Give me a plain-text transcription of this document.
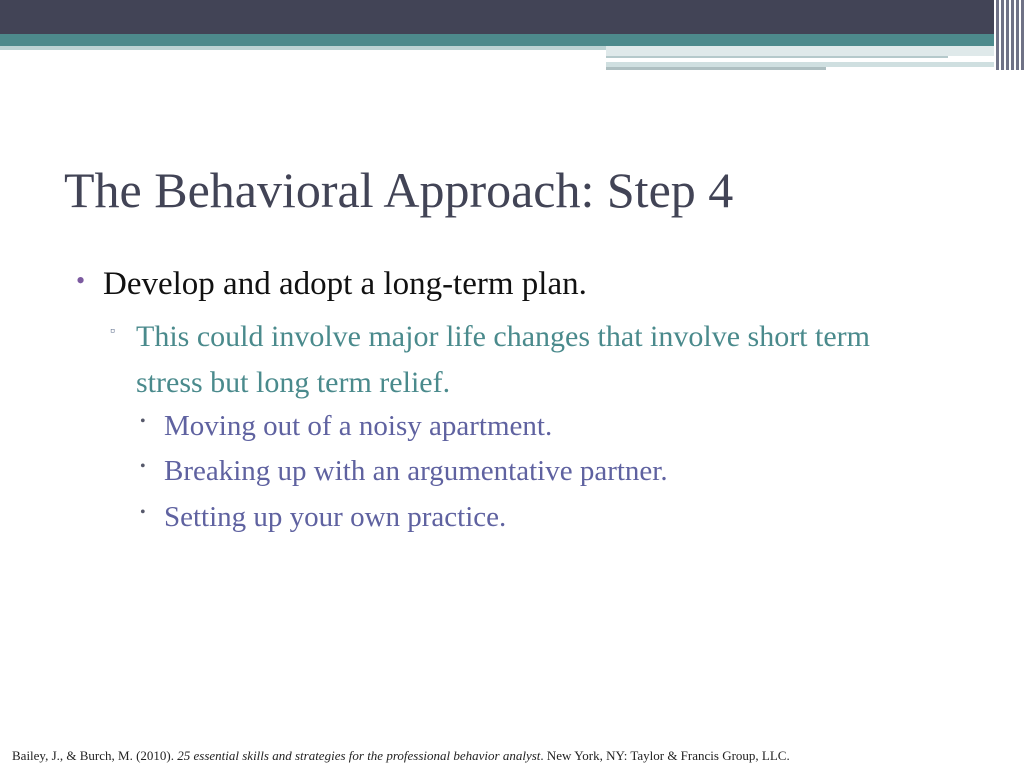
The Behavioral Approach: Step 4
• Develop and adopt a long-term plan.
▫ This could involve major life changes that involve short term stress but long term relief.
• Moving out of a noisy apartment.
• Breaking up with an argumentative partner.
• Setting up your own practice.
Bailey, J., & Burch, M. (2010). 25 essential skills and strategies for the professional behavior analyst. New York, NY: Taylor & Francis Group, LLC.
